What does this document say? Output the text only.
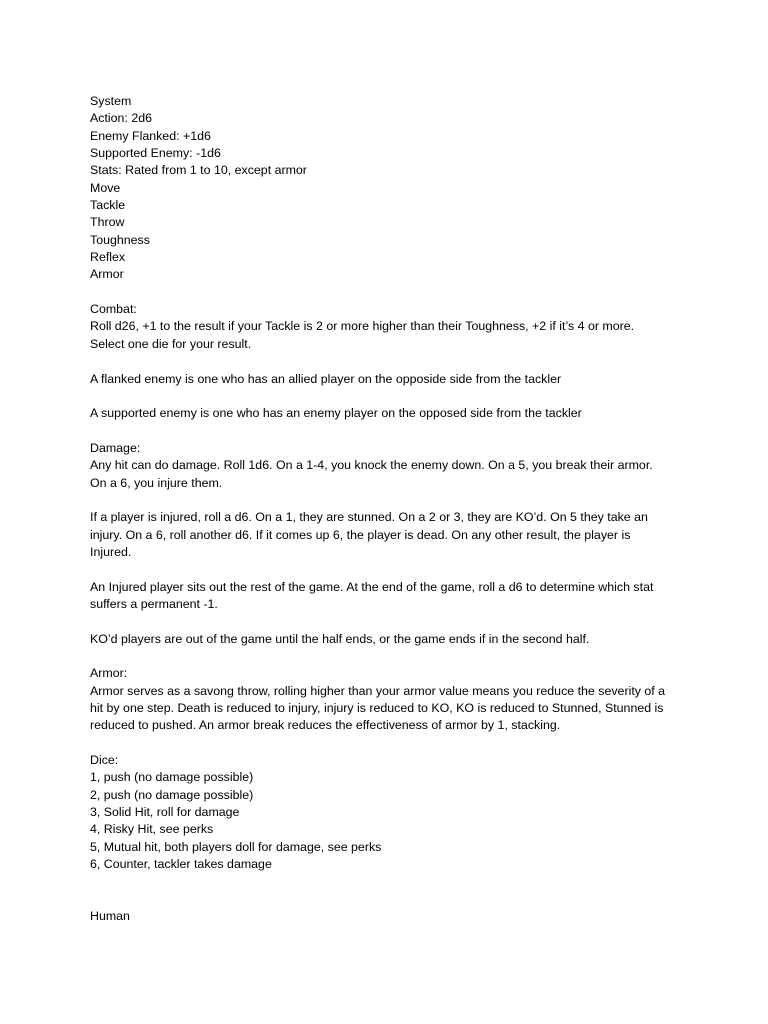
System
Action: 2d6
Enemy Flanked: +1d6
Supported Enemy: -1d6
Stats: Rated from 1 to 10, except armor
Move
Tackle
Throw
Toughness
Reflex
Armor
Combat:
Roll d26, +1 to the result if your Tackle is 2 or more higher than their Toughness, +2 if it’s 4 or more.
Select one die for your result.
A flanked enemy is one who has an allied player on the opposide side from the tackler
A supported enemy is one who has an enemy player on the opposed side from the tackler
Damage:
Any hit can do damage. Roll 1d6. On a 1-4, you knock the enemy down. On a 5, you break their armor.
On a 6, you injure them.
If a player is injured, roll a d6. On a 1, they are stunned. On a 2 or 3, they are KO’d. On 5 they take an
injury. On a 6, roll another d6. If it comes up 6, the player is dead. On any other result, the player is
Injured.
An Injured player sits out the rest of the game. At the end of the game, roll a d6 to determine which stat
suffers a permanent -1.
KO’d players are out of the game until the half ends, or the game ends if in the second half.
Armor:
Armor serves as a savong throw, rolling higher than your armor value means you reduce the severity of a
hit by one step. Death is reduced to injury, injury is reduced to KO, KO is reduced to Stunned, Stunned is
reduced to pushed. An armor break reduces the effectiveness of armor by 1, stacking.
Dice:
1, push (no damage possible)
2, push (no damage possible)
3, Solid Hit, roll for damage
4, Risky Hit, see perks
5, Mutual hit, both players doll for damage, see perks
6, Counter, tackler takes damage
Human
